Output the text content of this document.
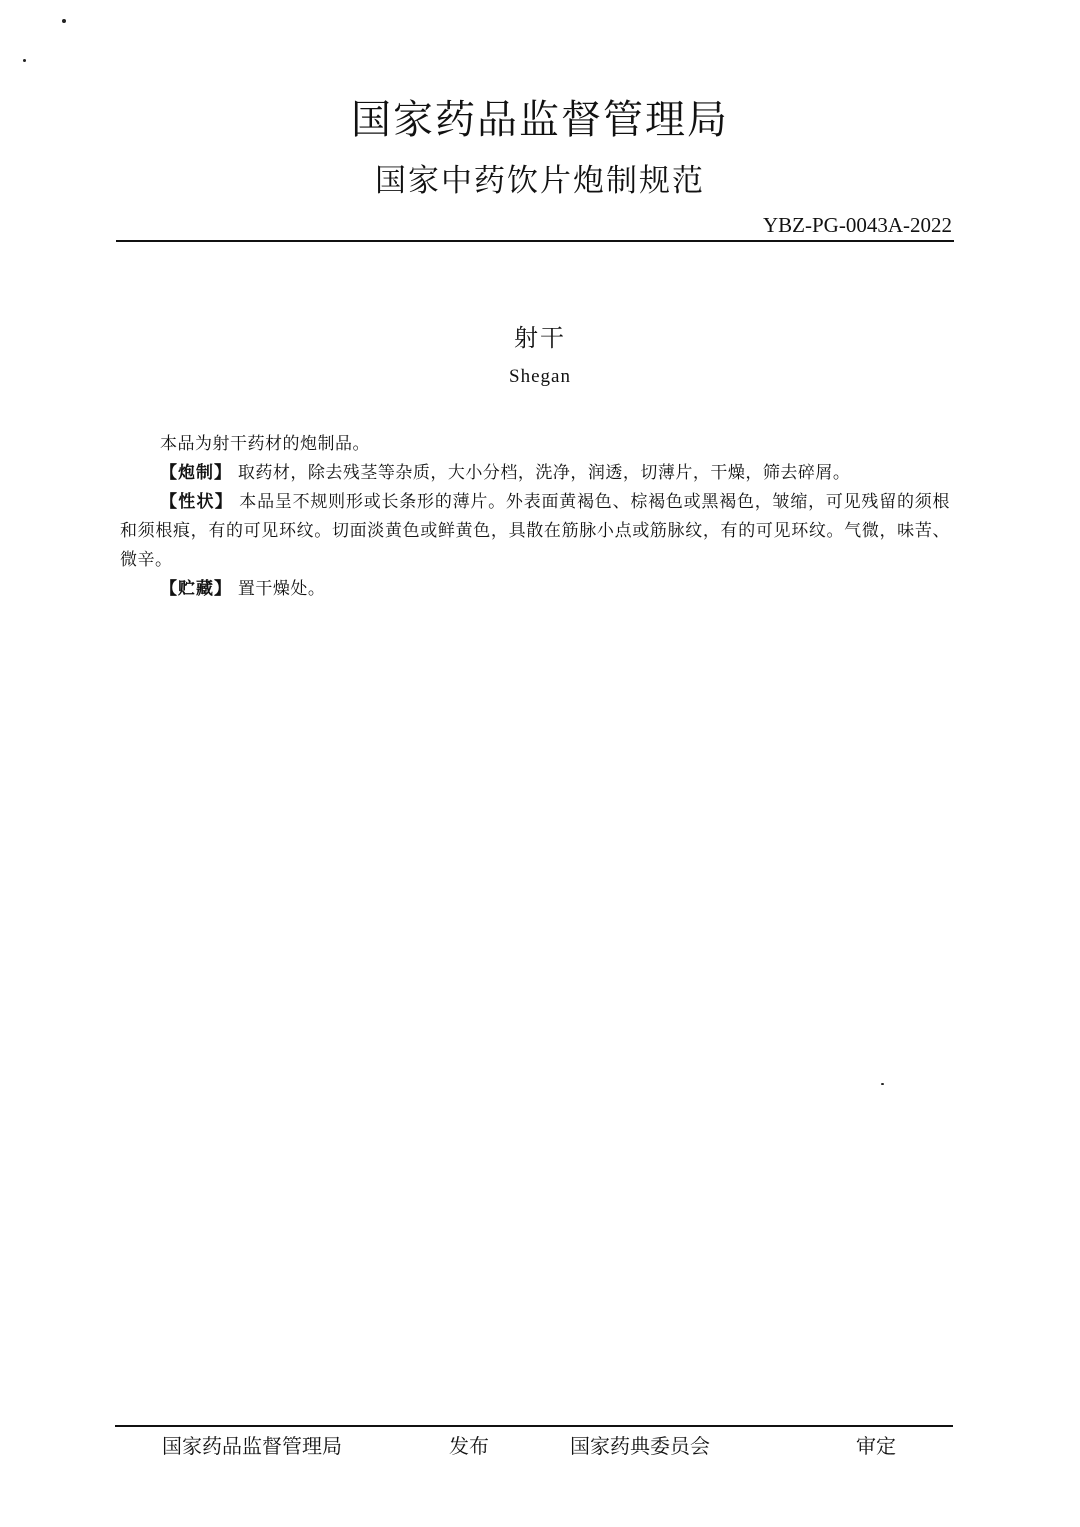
国家药品监督管理局
国家中药饮片炮制规范
YBZ-PG-0043A-2022
射干
Shegan

本品为射干药材的炮制品。

【炮制】 取药材，除去残茎等杂质，大小分档，洗净，润透，切薄片，干燥，筛去碎屑。

【性状】 本品呈不规则形或长条形的薄片。外表面黄褐色、棕褐色或黑褐色，皱缩，可见残留的须根和须根痕，有的可见环纹。切面淡黄色或鲜黄色，具散在筋脉小点或筋脉纹，有的可见环纹。气微，味苦、微辛。

【贮藏】 置干燥处。

国家药品监督管理局	发布	国家药典委员会	审定
